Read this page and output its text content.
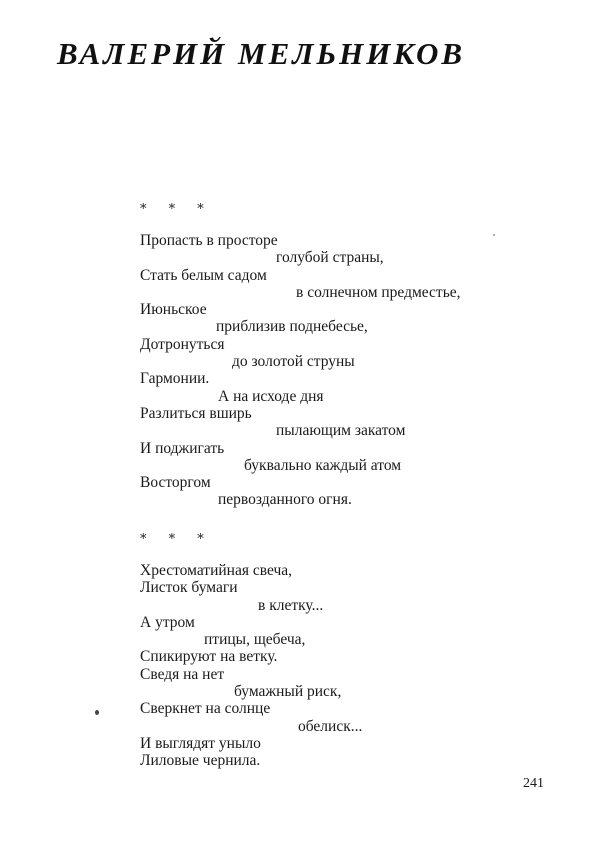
ВАЛЕРИЙ МЕЛЬНИКОВ
* * *
Пропасть в просторе
голубой страны,
Стать белым садом
в солнечном предместье,
Июньское
приблизив поднебесье,
Дотронуться
до золотой струны
Гармонии.
А на исходе дня
Разлиться вширь
пылающим закатом
И поджигать
буквально каждый атом
Восторгом
первозданного огня.
* * *
Хрестоматийная свеча,
Листок бумаги
в клетку...
А утром
птицы, щебеча,
Спикируют на ветку.
Сведя на нет
бумажный риск,
Сверкнет на солнце
обелиск...
И выглядят уныло
Лиловые чернила.
241
